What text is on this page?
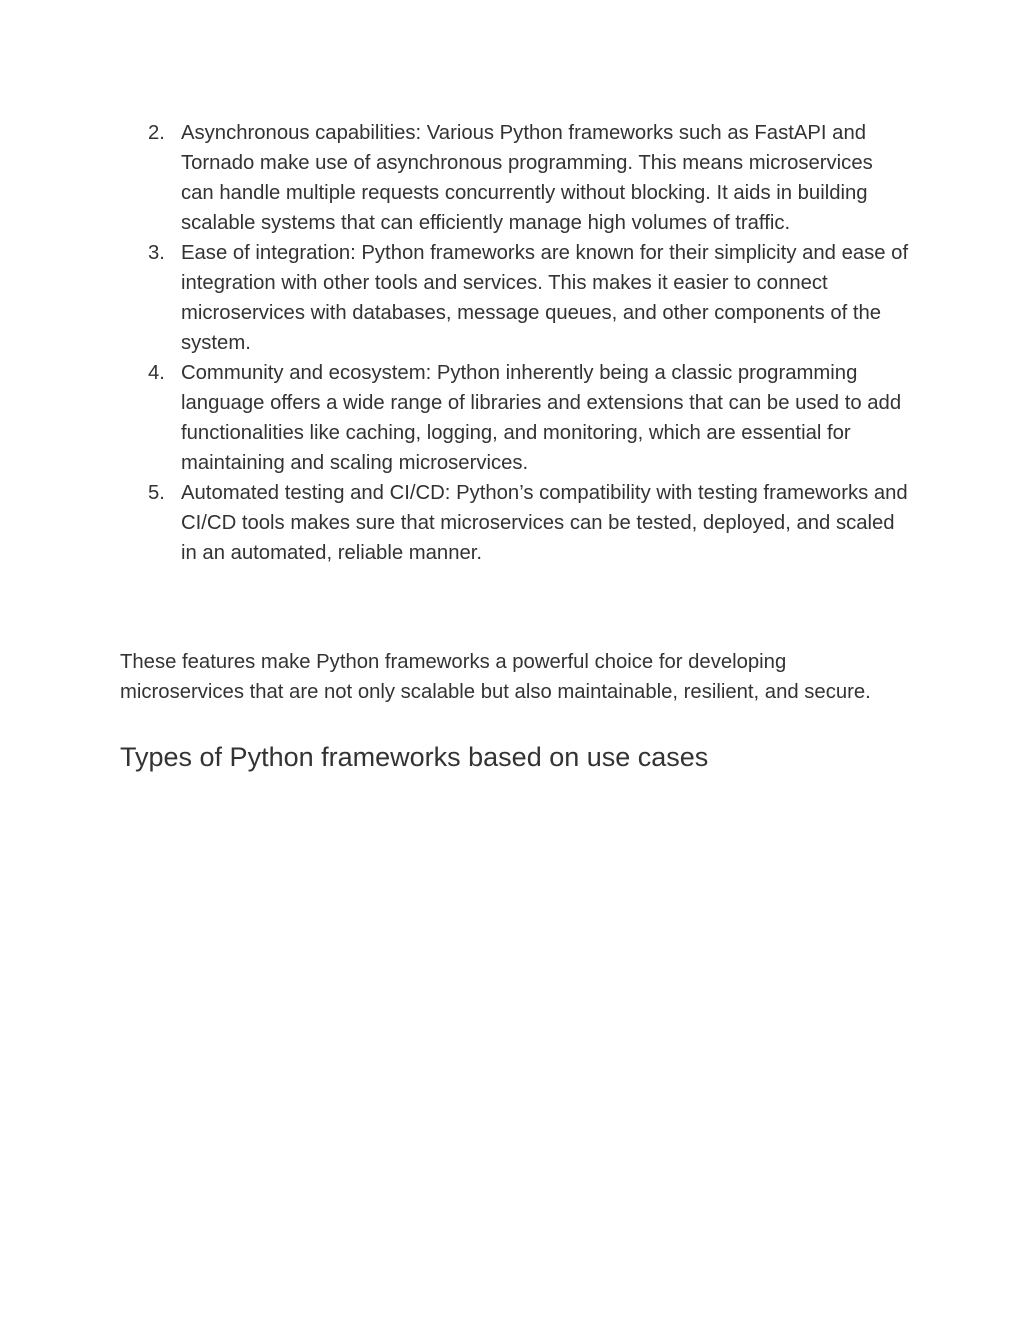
2. Asynchronous capabilities: Various Python frameworks such as FastAPI and Tornado make use of asynchronous programming. This means microservices can handle multiple requests concurrently without blocking. It aids in building scalable systems that can efficiently manage high volumes of traffic.
3. Ease of integration: Python frameworks are known for their simplicity and ease of integration with other tools and services. This makes it easier to connect microservices with databases, message queues, and other components of the system.
4. Community and ecosystem: Python inherently being a classic programming language offers a wide range of libraries and extensions that can be used to add functionalities like caching, logging, and monitoring, which are essential for maintaining and scaling microservices.
5. Automated testing and CI/CD: Python’s compatibility with testing frameworks and CI/CD tools makes sure that microservices can be tested, deployed, and scaled in an automated, reliable manner.

These features make Python frameworks a powerful choice for developing microservices that are not only scalable but also maintainable, resilient, and secure.

Types of Python frameworks based on use cases
